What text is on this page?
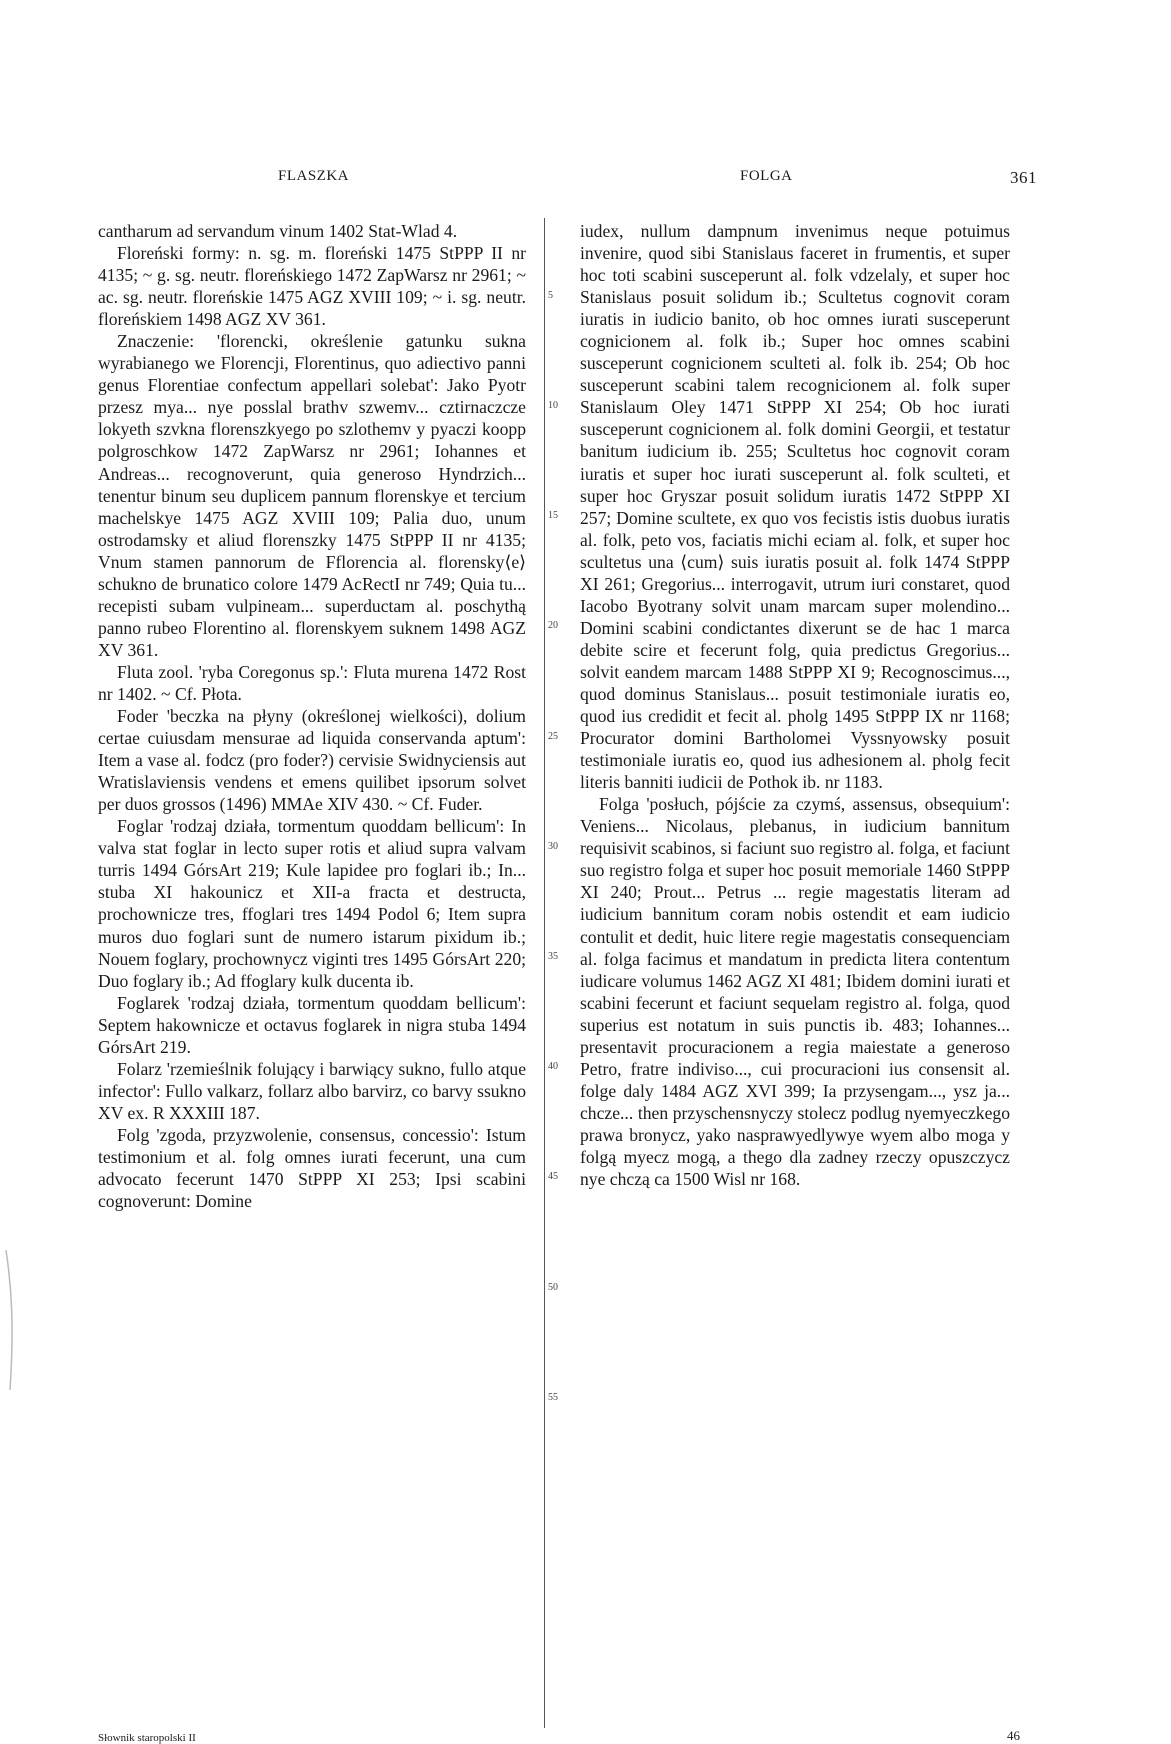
FLASZKA	FOLGA	361

cantharum ad servandum vinum 1402 Stat-Wlad 4.

Floreński formy: n. sg. m. floreński 1475 StPPP II nr 4135; ~ g. sg. neutr. floreńskiego 1472 ZapWarsz nr 2961; ~ ac. sg. neutr. floreńskie 1475 AGZ XVIII 109; ~ i. sg. neutr. floreńskiem 1498 AGZ XV 361.

Znaczenie: 'florencki, określenie gatunku sukna wyrabianego we Florencji, Florentinus, quo adiectivo panni genus Florentiae confectum appellari solebat': Jako Pyotr przesz mya... nye posslal brathv szwemv... cztirnaczcze lokyeth szvkna florenszkyego po szlothemv y pyaczi koopp polgroschkow 1472 ZapWarsz nr 2961; Iohannes et Andreas... recognoverunt, quia generoso Hyndrzich... tenentur binum seu duplicem pannum florenskye et tercium machelskye 1475 AGZ XVIII 109; Palia duo, unum ostrodamsky et aliud florenszky 1475 StPPP II nr 4135; Vnum stamen pannorum de Fflorencia al. florensky⟨e⟩ schukno de brunatico colore 1479 AcRectI nr 749; Quia tu... recepisti subam vulpineam... superductam al. poschythą panno rubeo Florentino al. florenskyem suknem 1498 AGZ XV 361.

Fluta zool. 'ryba Coregonus sp.': Fluta murena 1472 Rost nr 1402. ~ Cf. Płota.

Foder 'beczka na płyny (określonej wielkości), dolium certae cuiusdam mensurae ad liquida conservanda aptum': Item a vase al. fodcz (pro foder?) cervisie Swidnyciensis aut Wratislaviensis vendens et emens quilibet ipsorum solvet per duos grossos (1496) MMAe XIV 430. ~ Cf. Fuder.

Foglar 'rodzaj działa, tormentum quoddam bellicum': In valva stat foglar in lecto super rotis et aliud supra valvam turris 1494 GórsArt 219; Kule lapidee pro foglari ib.; In... stuba XI hakounicz et XII-a fracta et destructa, prochownicze tres, ffoglari tres 1494 Podol 6; Item supra muros duo foglari sunt de numero istarum pixidum ib.; Nouem foglary, prochownycz viginti tres 1495 GórsArt 220; Duo foglary ib.; Ad ffoglary kulk ducenta ib.

Foglarek 'rodzaj działa, tormentum quoddam bellicum': Septem hakownicze et octavus foglarek in nigra stuba 1494 GórsArt 219.

Folarz 'rzemieślnik folujący i barwiący sukno, fullo atque infector': Fullo valkarz, follarz albo barvirz, co barvy ssukno XV ex. R XXXIII 187.

Folg 'zgoda, przyzwolenie, consensus, concessio': Istum testimonium et al. folg omnes iurati fecerunt, una cum advocato fecerunt 1470 StPPP XI 253; Ipsi scabini cognoverunt: Domine

5
10
15
20
25
30
35
40
45
50
55

iudex, nullum dampnum invenimus neque potuimus invenire, quod sibi Stanislaus faceret in frumentis, et super hoc toti scabini susceperunt al. folk vdzelaly, et super hoc Stanislaus posuit solidum ib.; Scultetus cognovit coram iuratis in iudicio banito, ob hoc omnes iurati susceperunt cognicionem al. folk ib.; Super hoc omnes scabini susceperunt cognicionem sculteti al. folk ib. 254; Ob hoc susceperunt scabini talem recognicionem al. folk super Stanislaum Oley 1471 StPPP XI 254; Ob hoc iurati susceperunt cognicionem al. folk domini Georgii, et testatur banitum iudicium ib. 255; Scultetus hoc cognovit coram iuratis et super hoc iurati susceperunt al. folk sculteti, et super hoc Gryszar posuit solidum iuratis 1472 StPPP XI 257; Domine scultete, ex quo vos fecistis istis duobus iuratis al. folk, peto vos, faciatis michi eciam al. folk, et super hoc scultetus una ⟨cum⟩ suis iuratis posuit al. folk 1474 StPPP XI 261; Gregorius... interrogavit, utrum iuri constaret, quod Iacobo Byotrany solvit unam marcam super molendino... Domini scabini condictantes dixerunt se de hac 1 marca debite scire et fecerunt folg, quia predictus Gregorius... solvit eandem marcam 1488 StPPP XI 9; Recognoscimus..., quod dominus Stanislaus... posuit testimoniale iuratis eo, quod ius credidit et fecit al. pholg 1495 StPPP IX nr 1168; Procurator domini Bartholomei Vyssnyowsky posuit testimoniale iuratis eo, quod ius adhesionem al. pholg fecit literis banniti iudicii de Pothok ib. nr 1183.

Folga 'posłuch, pójście za czymś, assensus, obsequium': Veniens... Nicolaus, plebanus, in iudicium bannitum requisivit scabinos, si faciunt suo registro al. folga, et faciunt suo registro folga et super hoc posuit memoriale 1460 StPPP XI 240; Prout... Petrus ... regie magestatis literam ad iudicium bannitum coram nobis ostendit et eam iudicio contulit et dedit, huic litere regie magestatis consequenciam al. folga facimus et mandatum in predicta litera contentum iudicare volumus 1462 AGZ XI 481; Ibidem domini iurati et scabini fecerunt et faciunt sequelam registro al. folga, quod superius est notatum in suis punctis ib. 483; Iohannes... presentavit procuracionem a regia maiestate a generoso Petro, fratre indiviso..., cui procuracioni ius consensit al. folge daly 1484 AGZ XVI 399; Ia przysengam..., ysz ja... chcze... then przyschensnyczy stolecz podlug nyemyeczkego prawa bronycz, yako nasprawyedlywye wyem albo moga y folgą myecz mogą, a thego dla zadney rzeczy opuszczycz nye chczą ca 1500 Wisl nr 168.

Słownik staropolski II	46
